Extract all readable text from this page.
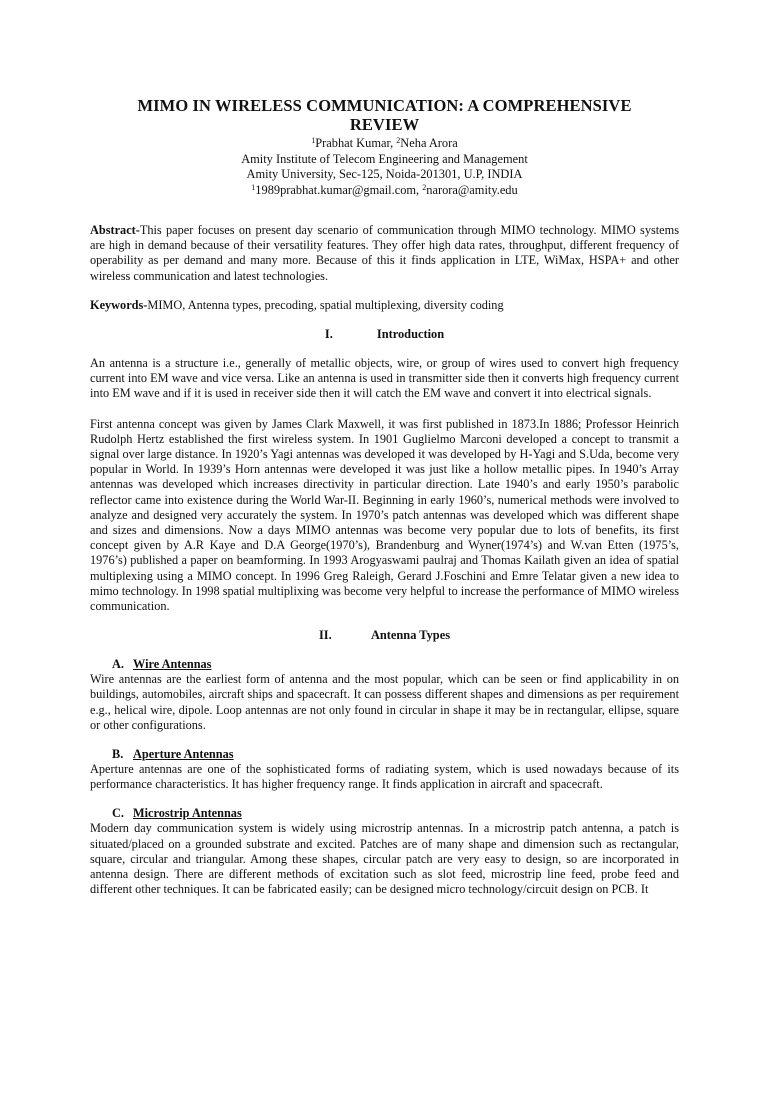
MIMO IN WIRELESS COMMUNICATION: A COMPREHENSIVE REVIEW
$^1$Prabhat Kumar, $^2$Neha Arora
Amity Institute of Telecom Engineering and Management
Amity University, Sec-125, Noida-201301, U.P, INDIA
$^1$1989prabhat.kumar@gmail.com, $^2$narora@amity.edu

Abstract-This paper focuses on present day scenario of communication through MIMO technology. MIMO systems are high in demand because of their versatility features. They offer high data rates, throughput, different frequency of operability as per demand and many more. Because of this it finds application in LTE, WiMax, HSPA+ and other wireless communication and latest technologies.

Keywords-MIMO, Antenna types, precoding, spatial multiplexing, diversity coding

I.	Introduction

An antenna is a structure i.e., generally of metallic objects, wire, or group of wires used to convert high frequency current into EM wave and vice versa. Like an antenna is used in transmitter side then it converts high frequency current into EM wave and if it is used in receiver side then it will catch the EM wave and convert it into electrical signals.

First antenna concept was given by James Clark Maxwell, it was first published in 1873.In 1886; Professor Heinrich Rudolph Hertz established the first wireless system. In 1901 Guglielmo Marconi developed a concept to transmit a signal over large distance. In 1920’s Yagi antennas was developed it was developed by H-Yagi and S.Uda, become very popular in World. In 1939’s Horn antennas were developed it was just like a hollow metallic pipes. In 1940’s Array antennas was developed which increases directivity in particular direction. Late 1940’s and early 1950’s parabolic reflector came into existence during the World War-II. Beginning in early 1960’s, numerical methods were involved to analyze and designed very accurately the system. In 1970’s patch antennas was developed which was different shape and sizes and dimensions. Now a days MIMO antennas was become very popular due to lots of benefits, its first concept given by A.R Kaye and D.A George(1970’s), Brandenburg and Wyner(1974’s) and W.van Etten (1975’s, 1976’s) published a paper on beamforming. In 1993 Arogyaswami paulraj and Thomas Kailath given an idea of spatial multiplexing using a MIMO concept. In 1996 Greg Raleigh, Gerard J.Foschini and Emre Telatar given a new idea to mimo technology. In 1998 spatial multiplixing was become very helpful to increase the performance of MIMO wireless communication.

II.	Antenna Types
A. Wire Antennas

Wire antennas are the earliest form of antenna and the most popular, which can be seen or find applicability in on buildings, automobiles, aircraft ships and spacecraft. It can possess different shapes and dimensions as per requirement e.g., helical wire, dipole. Loop antennas are not only found in circular in shape it may be in rectangular, ellipse, square or other configurations.

B. Aperture Antennas

Aperture antennas are one of the sophisticated forms of radiating system, which is used nowadays because of its performance characteristics. It has higher frequency range. It finds application in aircraft and spacecraft.

C. Microstrip Antennas

Modern day communication system is widely using microstrip antennas. In a microstrip patch antenna, a patch is situated/placed on a grounded substrate and excited. Patches are of many shape and dimension such as rectangular, square, circular and triangular. Among these shapes, circular patch are very easy to design, so are incorporated in antenna design. There are different methods of excitation such as slot feed, microstrip line feed, probe feed and different other techniques. It can be fabricated easily; can be designed micro technology/circuit design on PCB. It
